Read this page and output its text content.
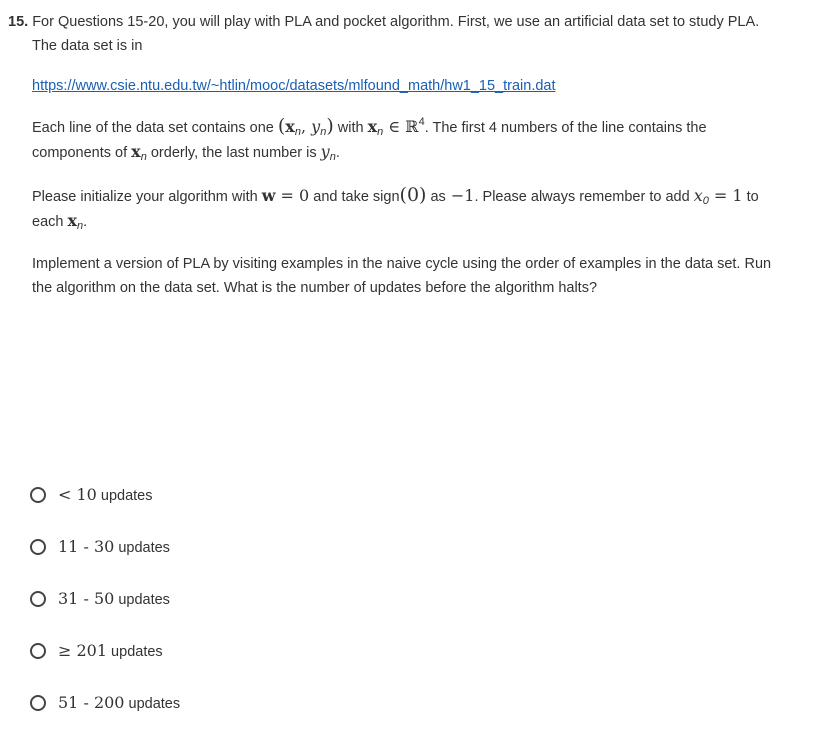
15. For Questions 15-20, you will play with PLA and pocket algorithm. First, we use an artificial data set to study PLA.
The data set is in
https://www.csie.ntu.edu.tw/~htlin/mooc/datasets/mlfound_math/hw1_15_train.dat
Each line of the data set contains one ($x_n$, $y_n$) with $x_n$ ∈ ℝ$^4$. The first 4 numbers of the line contains the
components of $x_n$ orderly, the last number is $y_n$.
Please initialize your algorithm with w = 0 and take sign(0) as −1. Please always remember to add $x_0 = 1$ to
each $x_n$.
Implement a version of PLA by visiting examples in the naive cycle using the order of examples in the data set. Run
the algorithm on the data set. What is the number of updates before the algorithm halts?
< 10 updates
11 - 30 updates
31 - 50 updates
≥ 201 updates
51 - 200 updates
